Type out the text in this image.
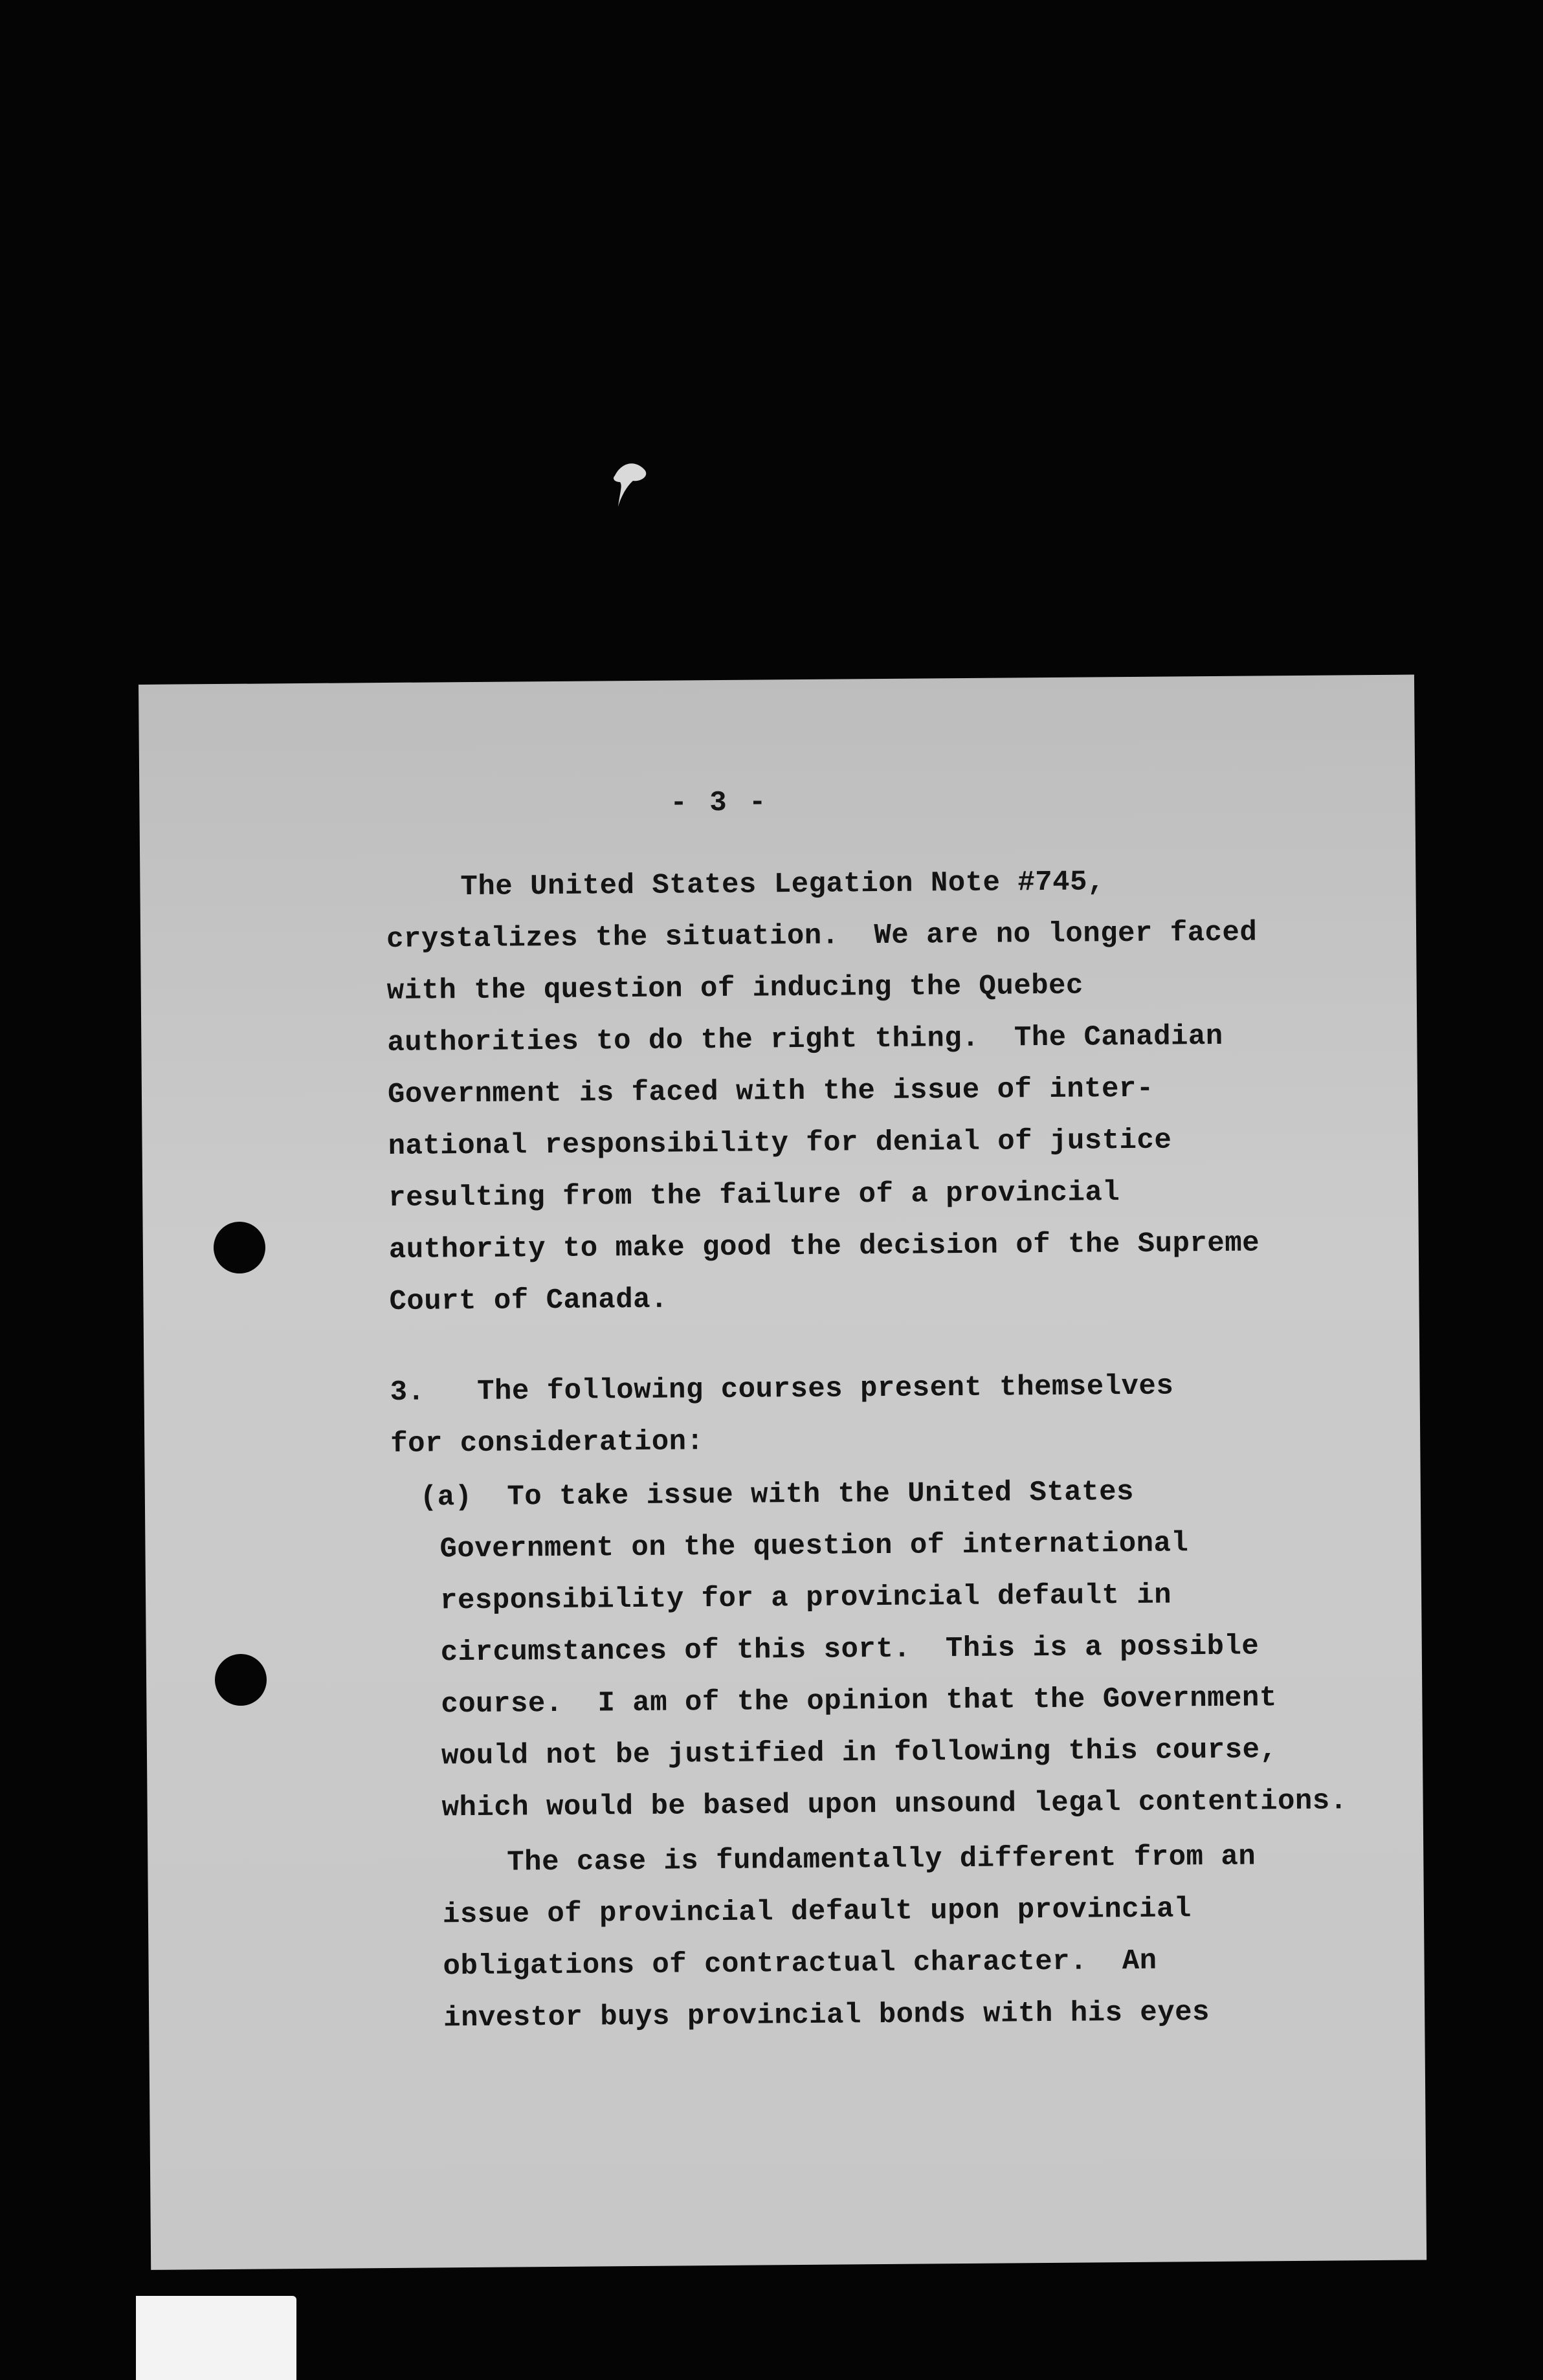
- 3 -
The United States Legation Note #745,
crystalizes the situation.  We are no longer faced
with the question of inducing the Quebec
authorities to do the right thing.  The Canadian
Government is faced with the issue of inter-
national responsibility for denial of justice
resulting from the failure of a provincial
authority to make good the decision of the Supreme
Court of Canada.
3.   The following courses present themselves
for consideration:
(a)  To take issue with the United States
Government on the question of international
responsibility for a provincial default in
circumstances of this sort.  This is a possible
course.  I am of the opinion that the Government
would not be justified in following this course,
which would be based upon unsound legal contentions.
The case is fundamentally different from an
issue of provincial default upon provincial
obligations of contractual character.  An
investor buys provincial bonds with his eyes
